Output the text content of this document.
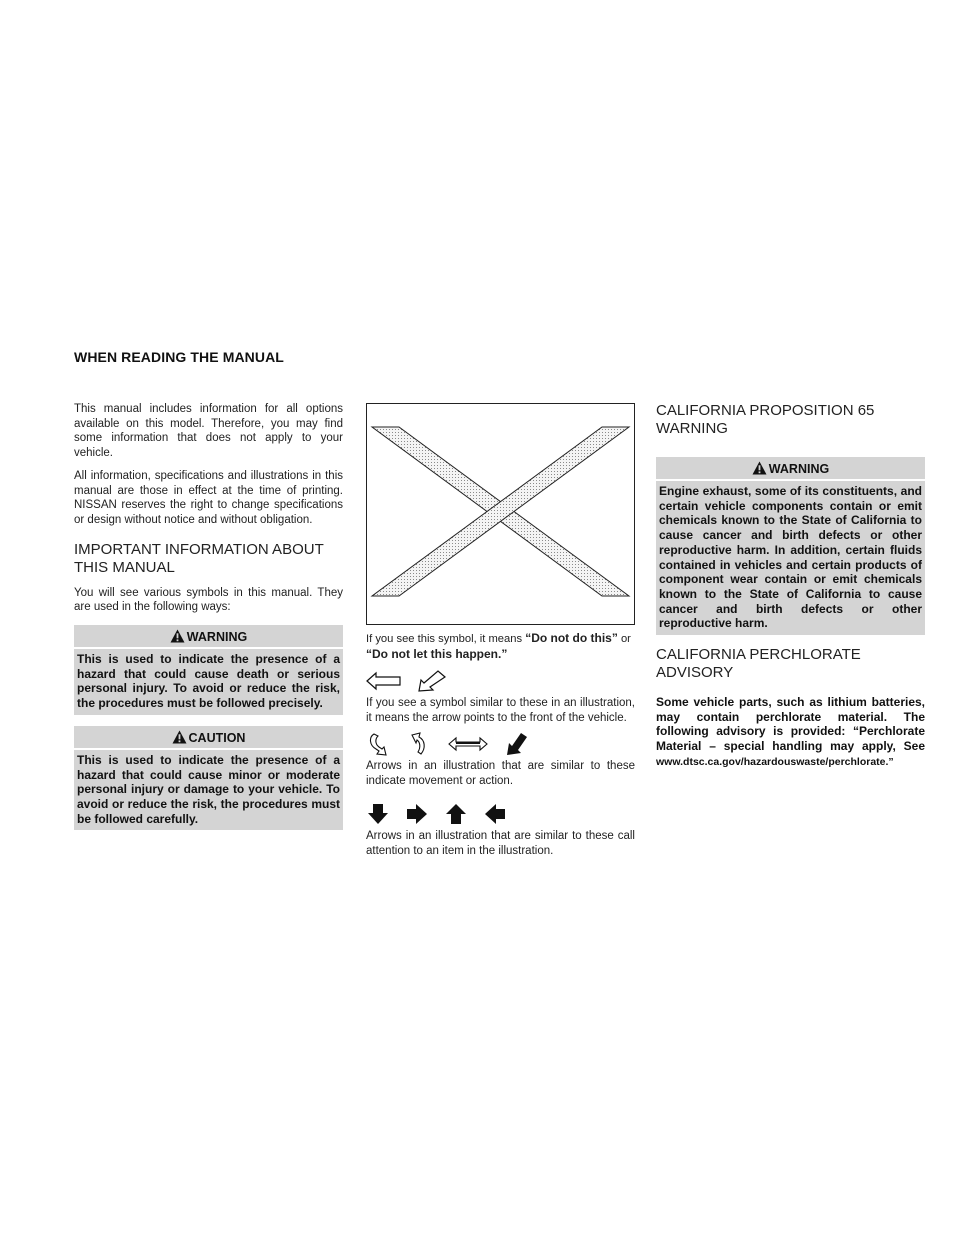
WHEN READING THE MANUAL

This manual includes information for all options available on this model. Therefore, you may find some information that does not apply to your vehicle.

All information, specifications and illustrations in this manual are those in effect at the time of printing. NISSAN reserves the right to change specifications or design without notice and without obligation.

IMPORTANT INFORMATION ABOUT THIS MANUAL

You will see various symbols in this manual. They are used in the following ways:

WARNING
This is used to indicate the presence of a hazard that could cause death or serious personal injury. To avoid or reduce the risk, the procedures must be followed precisely.
CAUTION
This is used to indicate the presence of a hazard that could cause minor or moderate personal injury or damage to your vehicle. To avoid or reduce the risk, the procedures must be followed carefully.

If you see this symbol, it means “Do not do this” or “Do not let this happen.”

If you see a symbol similar to these in an illustration, it means the arrow points to the front of the vehicle.

Arrows in an illustration that are similar to these indicate movement or action.

Arrows in an illustration that are similar to these call attention to an item in the illustration.

CALIFORNIA PROPOSITION 65 WARNING
WARNING
Engine exhaust, some of its constituents, and certain vehicle components contain or emit chemicals known to the State of California to cause cancer and birth defects or other reproductive harm. In addition, certain fluids contained in vehicles and certain products of component wear contain or emit chemicals known to the State of California to cause cancer and birth defects or other reproductive harm.
CALIFORNIA PERCHLORATE ADVISORY

Some vehicle parts, such as lithium batteries, may contain perchlorate material. The following advisory is provided: “Perchlorate Material – special handling may apply, See www.dtsc.ca.gov/hazardouswaste/perchlorate.”
